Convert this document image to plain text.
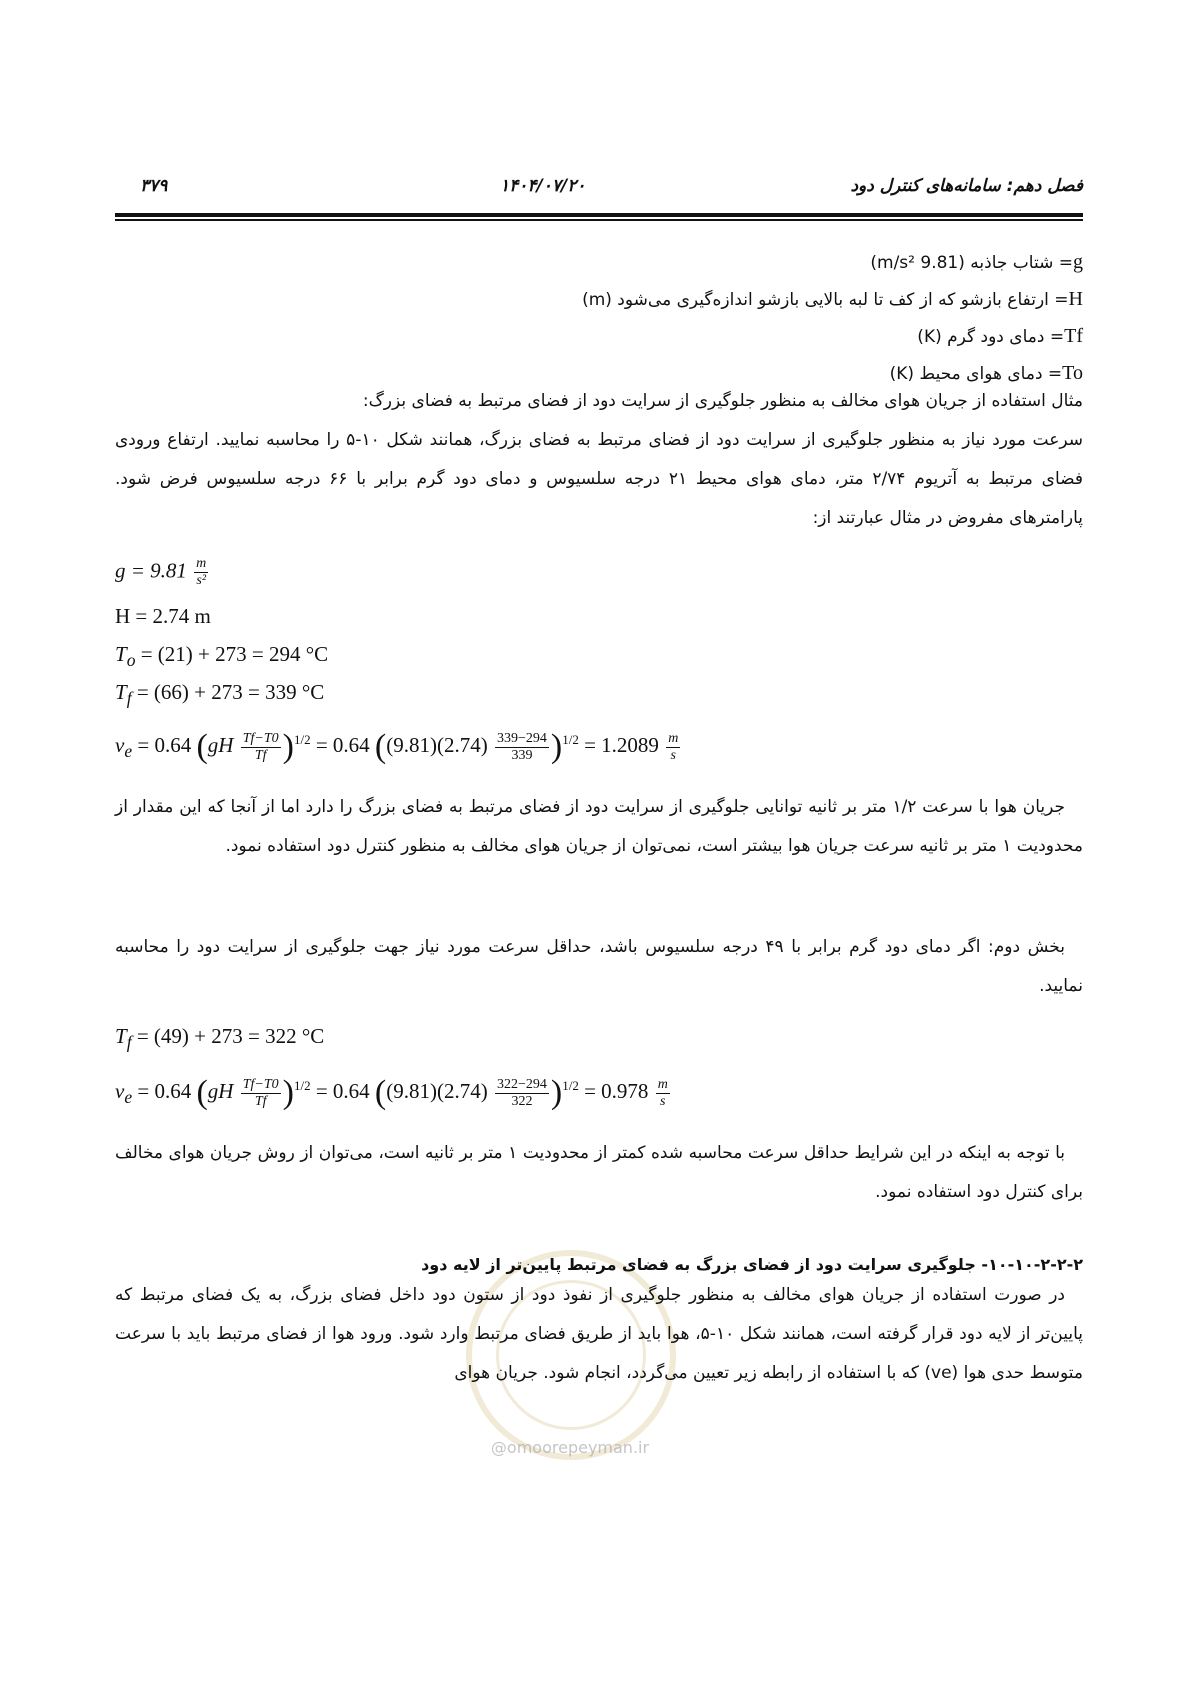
۳۷۹	۱۴۰۴/۰۷/۲۰	فصل دهم: سامانه‌های کنترل دود
@omoorepeyman.ir
g= شتاب جاذبه (9.81 m/s²)
H= ارتفاع بازشو که از کف تا لبه بالایی بازشو اندازه‌گیری می‌شود (m)
Tf= دمای دود گرم (K)
To= دمای هوای محیط (K)
مثال استفاده از جریان هوای مخالف به منظور جلوگیری از سرایت دود از فضای مرتبط به فضای بزرگ:
سرعت مورد نیاز به منظور جلوگیری از سرایت دود از فضای مرتبط به فضای بزرگ، همانند شکل ۱۰-۵ را محاسبه نمایید. ارتفاع ورودی فضای مرتبط به آتریوم ۲/۷۴ متر، دمای هوای محیط ۲۱ درجه سلسیوس و دمای دود گرم برابر با ۶۶ درجه سلسیوس فرض شود. پارامترهای مفروض در مثال عبارتند از:
$g = 9.81 \frac{m}{\text{s²}}$
H = 2.74 m
$T_o = (21) + 273 = 294$ °C
$T_f = (66) + 273 = 339$ °C
$v_e = 0.64$ $(gH \frac{Tf-T0}{Tf} )^{1/2} = 0.64$ $((9.81)(2.74) \frac{339-294}{339} )^{1/2} = 1.2089 \frac{m}{s}$
جریان هوا با سرعت ۱/۲ متر بر ثانیه توانایی جلوگیری از سرایت دود از فضای مرتبط به فضای بزرگ را دارد اما از آنجا که این مقدار از محدودیت ۱ متر بر ثانیه سرعت جریان هوا بیشتر است، نمی‌توان از جریان هوای مخالف به منظور کنترل دود استفاده نمود.
بخش دوم: اگر دمای دود گرم برابر با ۴۹ درجه سلسیوس باشد، حداقل سرعت مورد نیاز جهت جلوگیری از سرایت دود را محاسبه نمایید.
$T_f = (49) + 273 = 322$ °C
$v_e = 0.64$ $(gH \frac{Tf-T0}{Tf} )^{1/2} = 0.64$ $((9.81)(2.74) \frac{322-294}{322} )^{1/2} = 0.978 \frac{m}{s}$
با توجه به اینکه در این شرایط حداقل سرعت محاسبه شده کمتر از محدودیت ۱ متر بر ثانیه است، می‌توان از روش جریان هوای مخالف برای کنترل دود استفاده نمود.
۱۰-۱۰-۲-۲-۲- جلوگیری سرایت دود از فضای بزرگ به فضای مرتبط پایین‌تر از لایه دود
در صورت استفاده از جریان هوای مخالف به منظور جلوگیری از نفوذ دود از ستون دود داخل فضای بزرگ، به یک فضای مرتبط که پایین‌تر از لایه دود قرار گرفته است، همانند شکل ۱۰-۵، هوا باید از طریق فضای مرتبط وارد شود. ورود هوا از فضای مرتبط باید با سرعت متوسط حدی هوا (ve) که با استفاده از رابطه زیر تعیین می‌گردد، انجام شود. جریان هوای
